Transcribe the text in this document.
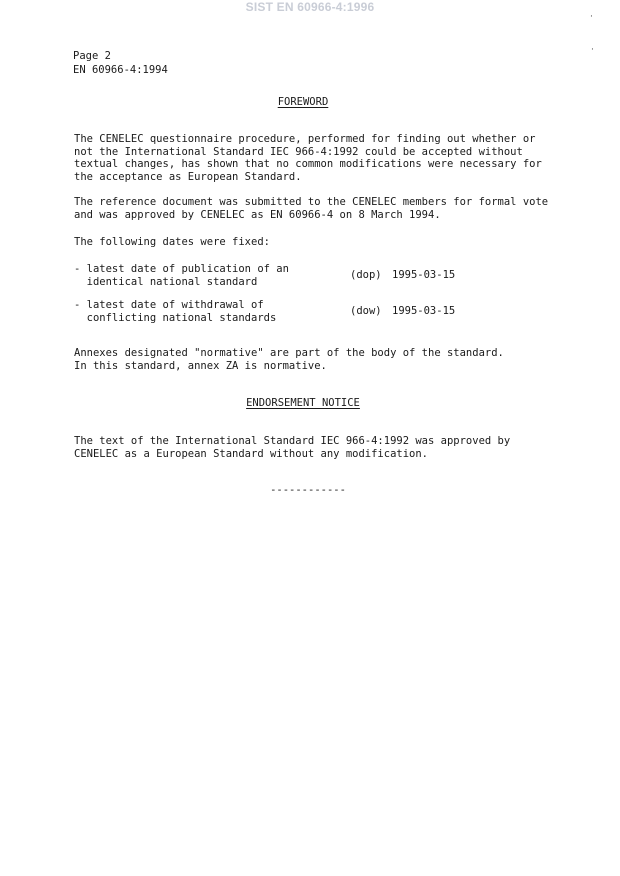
SIST EN 60966-4:1996
·
·
Page 2
EN 60966-4:1994
FOREWORD
The CENELEC questionnaire procedure, performed for finding out whether or
not the International Standard IEC 966-4:1992 could be accepted without
textual changes, has shown that no common modifications were necessary for
the acceptance as European Standard.
The reference document was submitted to the CENELEC members for formal vote
and was approved by CENELEC as EN 60966-4 on 8 March 1994.
The following dates were fixed:
- latest date of publication of an
identical national standard
(dop) 1995-03-15
- latest date of withdrawal of
conflicting national standards
(dow) 1995-03-15
Annexes designated "normative" are part of the body of the standard.
In this standard, annex ZA is normative.
ENDORSEMENT NOTICE
The text of the International Standard IEC 966-4:1992 was approved by
CENELEC as a European Standard without any modification.
------------
